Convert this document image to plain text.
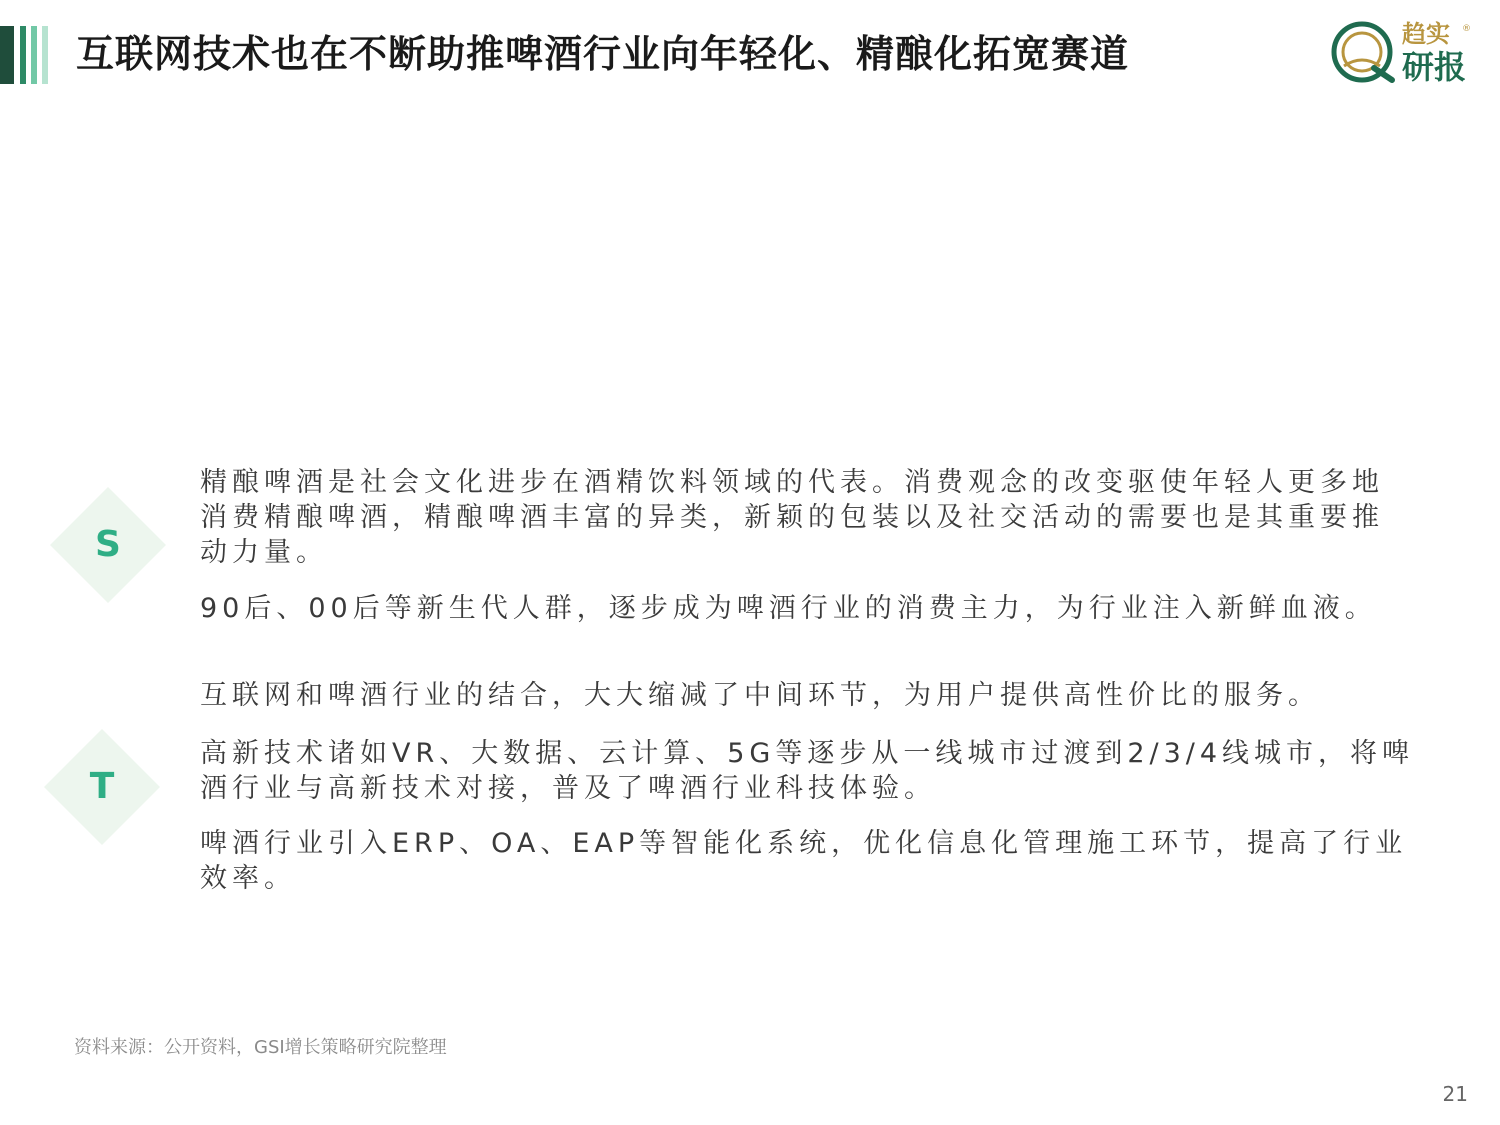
互联网技术也在不断助推啤酒行业向年轻化、精酿化拓宽赛道	趋实 ®
研报
S
精酿啤酒是社会文化进步在酒精饮料领域的代表。消费观念的改变驱使年轻人更多地消费精酿啤酒，精酿啤酒丰富的异类，新颖的包装以及社交活动的需要也是其重要推动力量。
90后、00后等新生代人群，逐步成为啤酒行业的消费主力，为行业注入新鲜血液。
T
互联网和啤酒行业的结合，大大缩减了中间环节，为用户提供高性价比的服务。
高新技术诸如VR、大数据、云计算、5G等逐步从一线城市过渡到2/3/4线城市，将啤酒行业与高新技术对接，普及了啤酒行业科技体验。
啤酒行业引入ERP、OA、EAP等智能化系统，优化信息化管理施工环节，提高了行业效率。
资料来源：公开资料，GSI增长策略研究院整理
21
